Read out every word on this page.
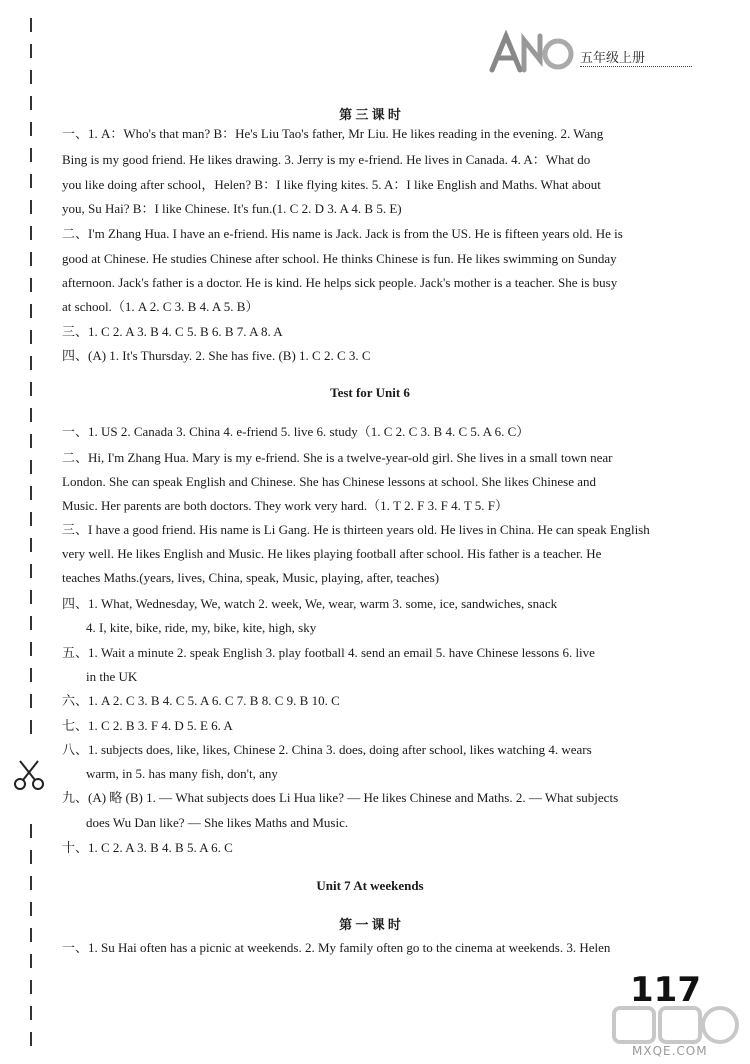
五年级上册
第 三 课 时
一、1. A：Who's that man? B：He's Liu Tao's father, Mr Liu. He likes reading in the evening. 2. Wang
Bing is my good friend. He likes drawing. 3. Jerry is my e-friend. He lives in Canada. 4. A：What do
you like doing after school，Helen? B：I like flying kites. 5. A：I like English and Maths. What about
you, Su Hai? B：I like Chinese. It's fun.(1. C 2. D 3. A 4. B 5. E)
二、I'm Zhang Hua. I have an e-friend. His name is Jack. Jack is from the US. He is fifteen years old. He is
good at Chinese. He studies Chinese after school. He thinks Chinese is fun. He likes swimming on Sunday
afternoon. Jack's father is a doctor. He is kind. He helps sick people. Jack's mother is a teacher. She is busy
at school.（1. A 2. C 3. B 4. A 5. B）
三、1. C 2. A 3. B 4. C 5. B 6. B 7. A 8. A
四、(A) 1. It's Thursday. 2. She has five. (B) 1. C 2. C 3. C
Test for Unit 6
一、1. US 2. Canada 3. China 4. e-friend 5. live 6. study（1. C 2. C 3. B 4. C 5. A 6. C）
二、Hi, I'm Zhang Hua. Mary is my e-friend. She is a twelve-year-old girl. She lives in a small town near
London. She can speak English and Chinese. She has Chinese lessons at school. She likes Chinese and
Music. Her parents are both doctors. They work very hard.（1. T 2. F 3. F 4. T 5. F）
三、I have a good friend. His name is Li Gang. He is thirteen years old. He lives in China. He can speak English
very well. He likes English and Music. He likes playing football after school. His father is a teacher. He
teaches Maths.(years, lives, China, speak, Music, playing, after, teaches)
四、1. What, Wednesday, We, watch 2. week, We, wear, warm 3. some, ice, sandwiches, snack
4. I, kite, bike, ride, my, bike, kite, high, sky
五、1. Wait a minute 2. speak English 3. play football 4. send an email 5. have Chinese lessons 6. live
in the UK
六、1. A 2. C 3. B 4. C 5. A 6. C 7. B 8. C 9. B 10. C
七、1. C 2. B 3. F 4. D 5. E 6. A
八、1. subjects does, like, likes, Chinese 2. China 3. does, doing after school, likes watching 4. wears
warm, in 5. has many fish, don't, any
九、(A) 略 (B) 1. — What subjects does Li Hua like? — He likes Chinese and Maths. 2. — What subjects
does Wu Dan like? — She likes Maths and Music.
十、1. C 2. A 3. B 4. B 5. A 6. C
Unit 7 At weekends
第 一 课 时
一、1. Su Hai often has a picnic at weekends. 2. My family often go to the cinema at weekends. 3. Helen
117
MXQE.COM
